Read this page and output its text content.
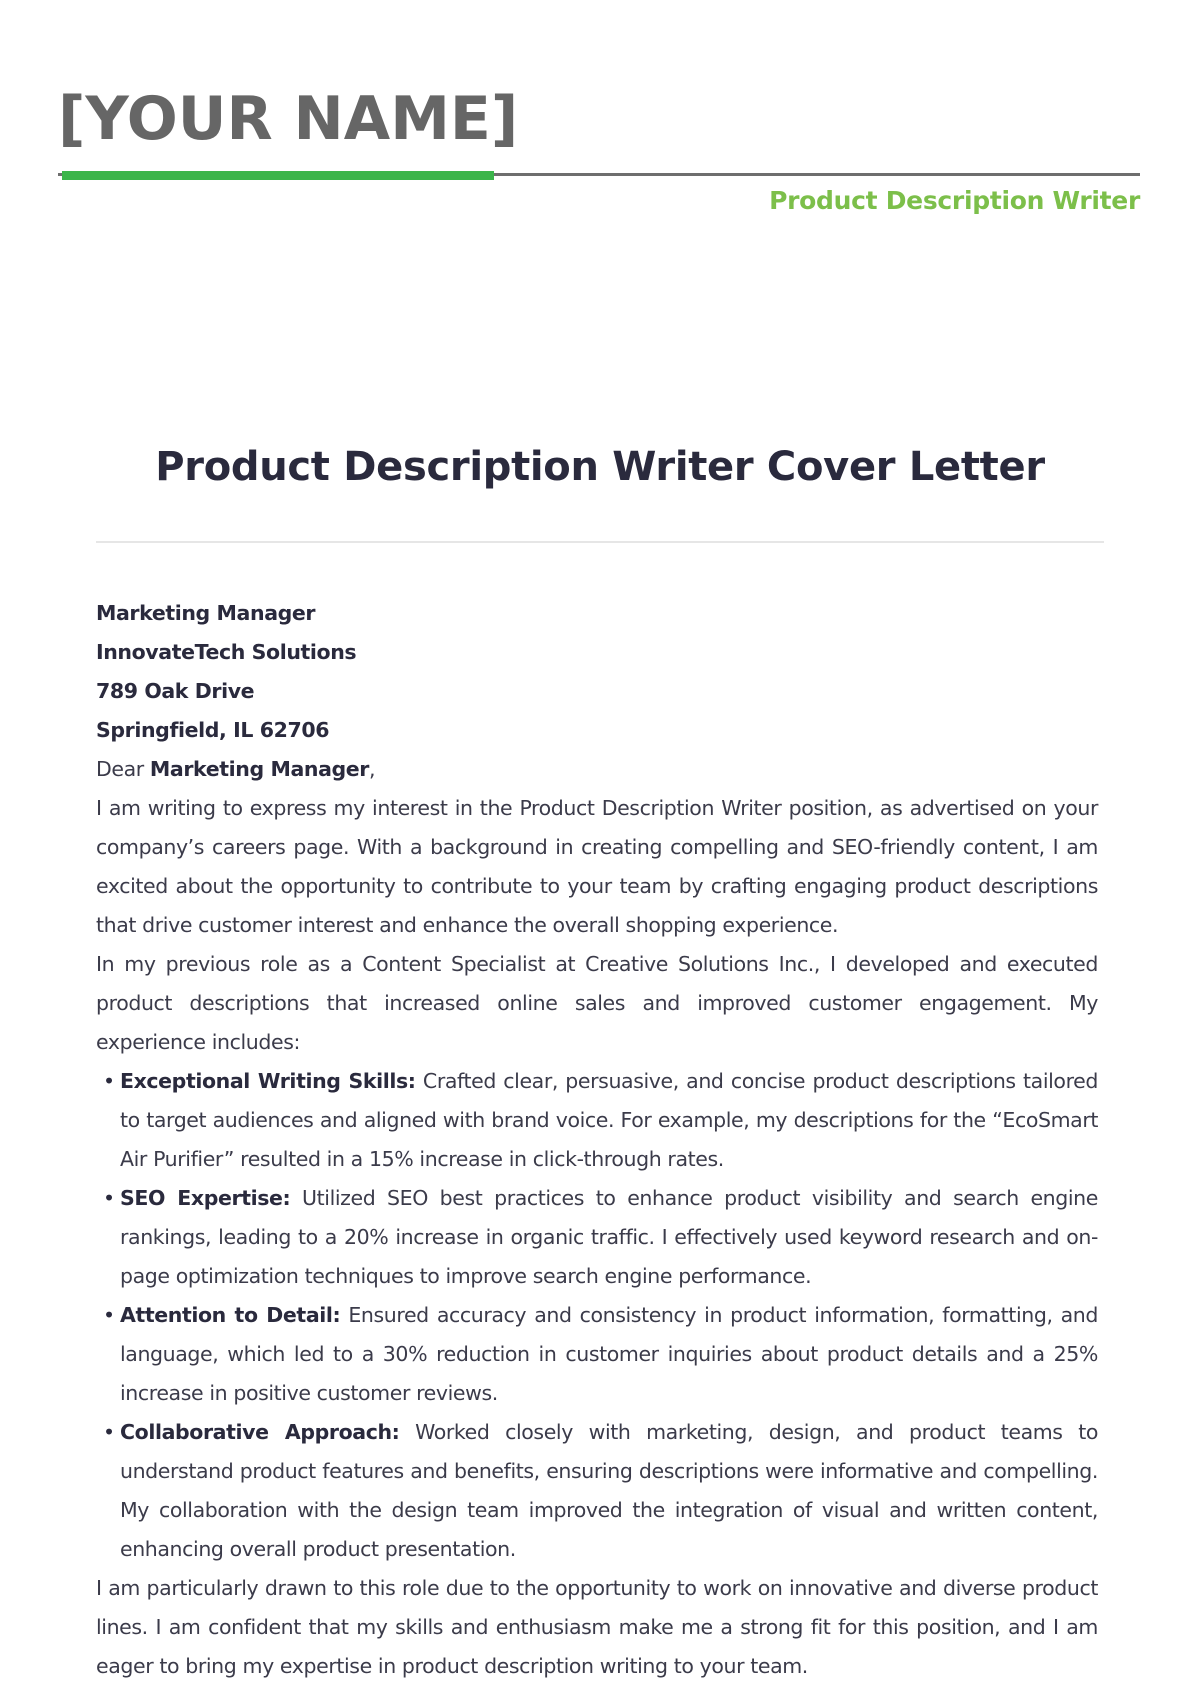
[YOUR NAME]
Product Description Writer
Product Description Writer Cover Letter

Marketing Manager

InnovateTech Solutions

789 Oak Drive

Springfield, IL 62706

Dear Marketing Manager,

I am writing to express my interest in the Product Description Writer position, as advertised on your company’s careers page. With a background in creating compelling and SEO-friendly content, I am excited about the opportunity to contribute to your team by crafting engaging product descriptions that drive customer interest and enhance the overall shopping experience.

In my previous role as a Content Specialist at Creative Solutions Inc., I developed and executed product descriptions that increased online sales and improved customer engagement. My experience includes:

• Exceptional Writing Skills: Crafted clear, persuasive, and concise product descriptions tailored to target audiences and aligned with brand voice. For example, my descriptions for the “EcoSmart Air Purifier” resulted in a 15% increase in click-through rates.
• SEO Expertise: Utilized SEO best practices to enhance product visibility and search engine rankings, leading to a 20% increase in organic traffic. I effectively used keyword research and on-page optimization techniques to improve search engine performance.
• Attention to Detail: Ensured accuracy and consistency in product information, formatting, and language, which led to a 30% reduction in customer inquiries about product details and a 25% increase in positive customer reviews.
• Collaborative Approach: Worked closely with marketing, design, and product teams to understand product features and benefits, ensuring descriptions were informative and compelling. My collaboration with the design team improved the integration of visual and written content, enhancing overall product presentation.

I am particularly drawn to this role due to the opportunity to work on innovative and diverse product lines. I am confident that my skills and enthusiasm make me a strong fit for this position, and I am eager to bring my expertise in product description writing to your team.
